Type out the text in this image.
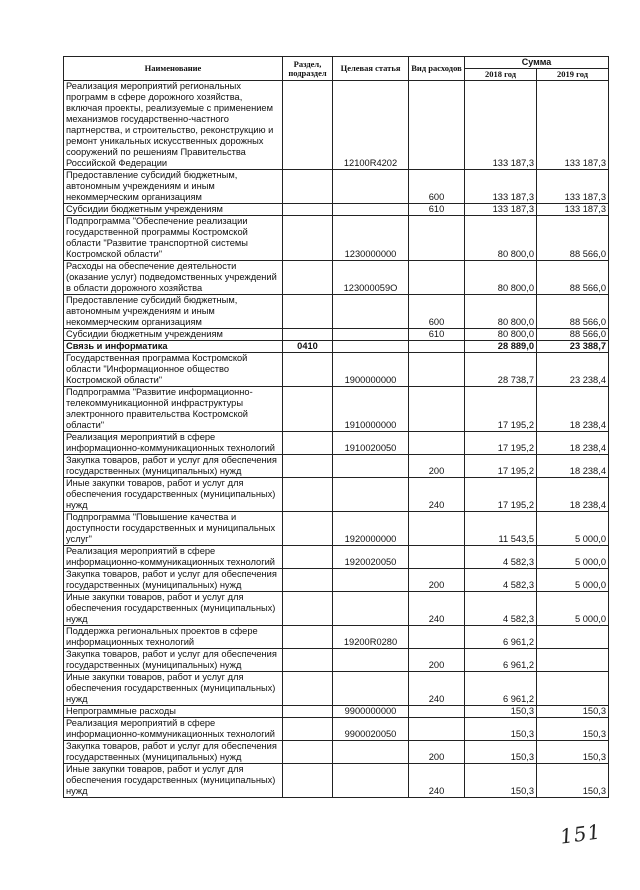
Наименование	Раздел, подраздел	Целевая статья	Вид расходов	Сумма	
				2018 год	2019 год
Реализация мероприятий региональных программ в сфере дорожного хозяйства, включая проекты, реализуемые с применением механизмов государственно-частного партнерства, и строительство, реконструкцию и ремонт уникальных искусственных дорожных сооружений по решениям Правительства Российской Федерации		12100R4202		133 187,3	133 187,3
Предоставление субсидий бюджетным, автономным учреждениям и иным некоммерческим организациям			600	133 187,3	133 187,3
Субсидии бюджетным учреждениям			610	133 187,3	133 187,3
Подпрограмма "Обеспечение реализации государственной программы Костромской области "Развитие транспортной системы Костромской области"		1230000000		80 800,0	88 566,0
Расходы на обеспечение деятельности (оказание услуг) подведомственных учреждений в области дорожного хозяйства		123000059O		80 800,0	88 566,0
Предоставление субсидий бюджетным, автономным учреждениям и иным некоммерческим организациям			600	80 800,0	88 566,0
Субсидии бюджетным учреждениям			610	80 800,0	88 566,0
Связь и информатика	0410			28 889,0	23 388,7
Государственная программа Костромской области "Информационное общество Костромской области"		1900000000		28 738,7	23 238,4
Подпрограмма "Развитие информационно-телекоммуникационной инфраструктуры электронного правительства Костромской области"		1910000000		17 195,2	18 238,4
Реализация мероприятий в сфере информационно-коммуникационных технологий		1910020050		17 195,2	18 238,4
Закупка товаров, работ и услуг для обеспечения государственных (муниципальных) нужд			200	17 195,2	18 238,4
Иные закупки товаров, работ и услуг для обеспечения государственных (муниципальных) нужд			240	17 195,2	18 238,4
Подпрограмма "Повышение качества и доступности государственных и муниципальных услуг"		1920000000		11 543,5	5 000,0
Реализация мероприятий в сфере информационно-коммуникационных технологий		1920020050		4 582,3	5 000,0
Закупка товаров, работ и услуг для обеспечения государственных (муниципальных) нужд			200	4 582,3	5 000,0
Иные закупки товаров, работ и услуг для обеспечения государственных (муниципальных) нужд			240	4 582,3	5 000,0
Поддержка региональных проектов в сфере информационных технологий		19200R0280		6 961,2	
Закупка товаров, работ и услуг для обеспечения государственных (муниципальных) нужд			200	6 961,2	
Иные закупки товаров, работ и услуг для обеспечения государственных (муниципальных) нужд			240	6 961,2	
Непрограммные расходы		9900000000		150,3	150,3
Реализация мероприятий в сфере информационно-коммуникационных технологий		9900020050		150,3	150,3
Закупка товаров, работ и услуг для обеспечения государственных (муниципальных) нужд			200	150,3	150,3
Иные закупки товаров, работ и услуг для обеспечения государственных (муниципальных) нужд			240	150,3	150,3
151
